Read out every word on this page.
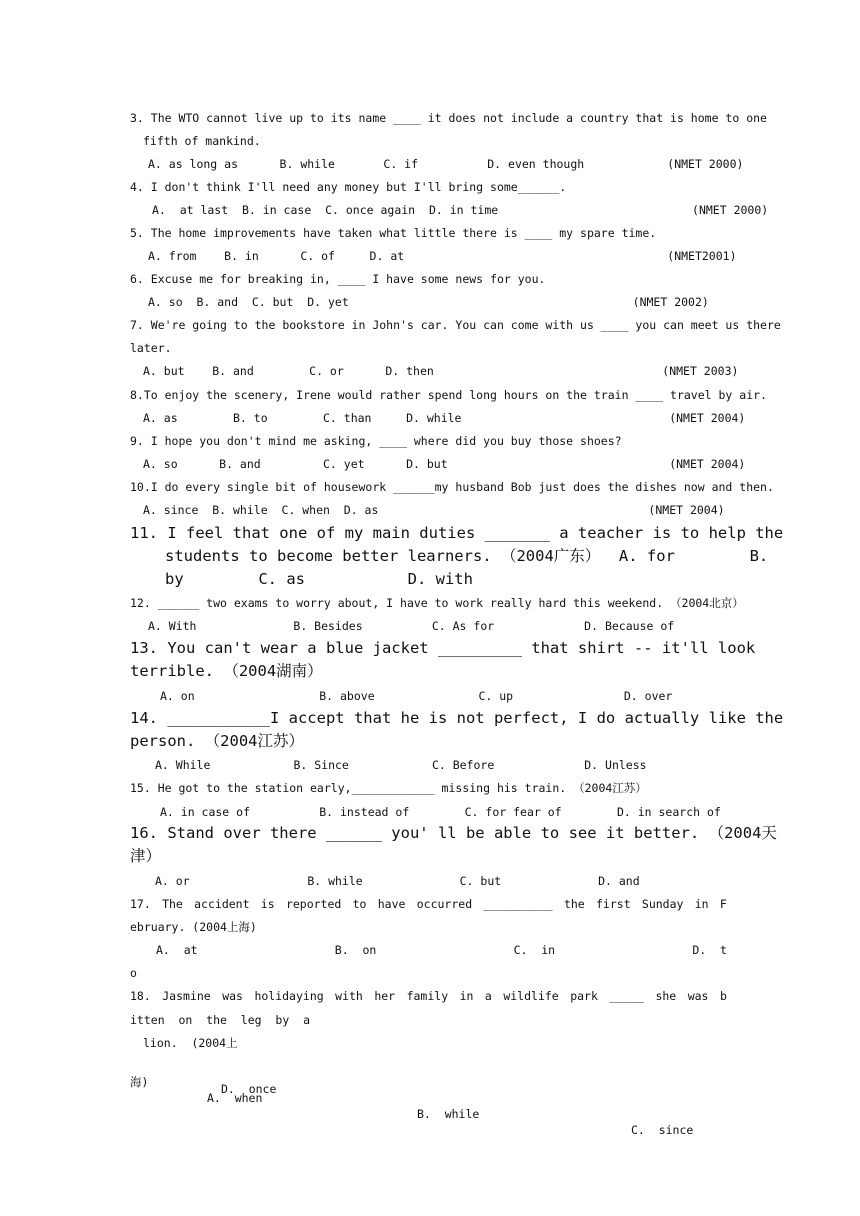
3. The WTO cannot live up to its name ____ it does not include a country that is home to one
fifth of mankind.
A. as long as      B. while       C. if          D. even though            (NMET 2000)
4. I don't think I'll need any money but I'll bring some______.
A.  at last  B. in case  C. once again  D. in time                            (NMET 2000)
5. The home improvements have taken what little there is ____ my spare time.
A. from    B. in      C. of     D. at                                      (NMET2001)
6. Excuse me for breaking in, ____ I have some news for you.
A. so  B. and  C. but  D. yet                                         (NMET 2002)
7. We're going to the bookstore in John's car. You can come with us ____ you can meet us there
later.
A. but    B. and        C. or      D. then                                 (NMET 2003)
8.To enjoy the scenery, Irene would rather spend long hours on the train ____ travel by air.
A. as        B. to        C. than     D. while                              (NMET 2004)
9. I hope you don't mind me asking, ____ where did you buy those shoes?
A. so      B. and         C. yet      D. but                                (NMET 2004)
10.I do every single bit of housework ______my husband Bob just does the dishes now and then.
A. since  B. while  C. when  D. as                                       (NMET 2004)
11. I feel that one of my main duties _______ a teacher is to help the
students to become better learners. （2004广东）  A. for        B.
by        C. as           D. with
12. ______ two exams to worry about, I have to work really hard this weekend. （2004北京）
A. With              B. Besides          C. As for             D. Because of
13. You can't wear a blue jacket _________ that shirt -- it'll look
terrible. （2004湖南）
A. on                  B. above               C. up                D. over
14. ___________I accept that he is not perfect, I do actually like the
person. （2004江苏）
A. While            B. Since            C. Before             D. Unless
15. He got to the station early,____________ missing his train. （2004江苏）
A. in case of          B. instead of        C. for fear of        D. in search of
16. Stand over there ______ you' ll be able to see it better. （2004天
津）
A. or                 B. while              C. but              D. and
17. The accident is reported to have occurred __________ the first Sunday in F
ebruary. (2004上海)
A.  at	B.  on	C.  in	D.  t
o
18. Jasmine was holidaying with her family in a wildlife park _____ she was b
itten  on  the  leg  by  a
lion.  (2004上

海)

A.  when

B.  while

C.  since

D.  once
